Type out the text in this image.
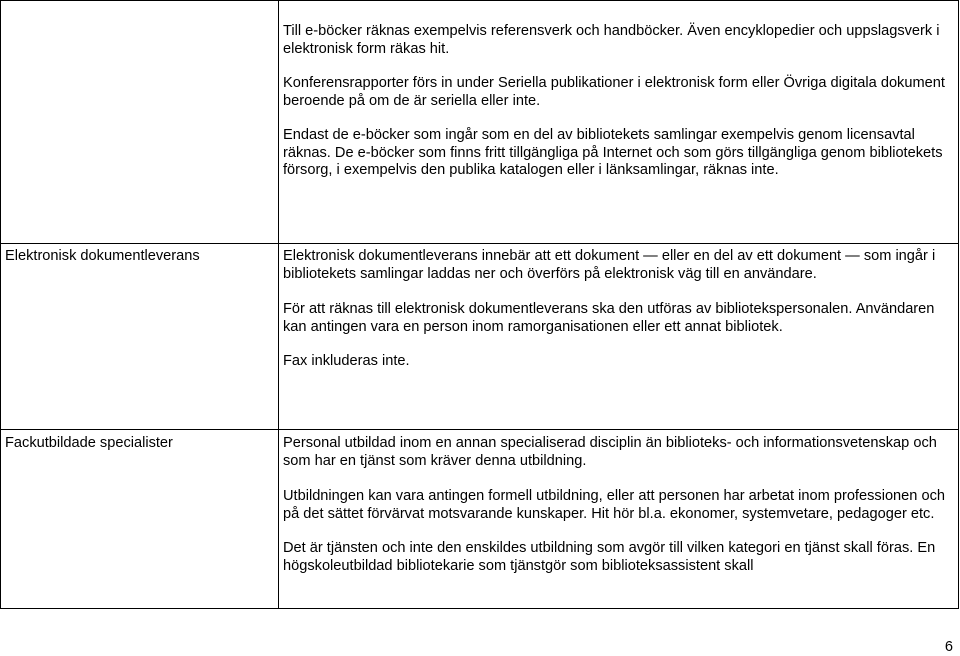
	Till e-böcker räknas exempelvis referensverk och handböcker. Även encyklopedier och uppslagsverk i elektronisk form räkas hit.

Konferensrapporter förs in under Seriella publikationer i elektronisk form eller Övriga digitala dokument beroende på om de är seriella eller inte.

Endast de e-böcker som ingår som en del av bibliotekets samlingar exempelvis genom licensavtal räknas. De e-böcker som finns fritt tillgängliga på Internet och som görs tillgängliga genom bibliotekets försorg, i exempelvis den publika katalogen eller i länksamlingar, räknas inte.

Elektronisk dokumentleverans	Elektronisk dokumentleverans innebär att ett dokument — eller en del av ett dokument — som ingår i bibliotekets samlingar laddas ner och överförs på elektronisk väg till en användare.

För att räknas till elektronisk dokumentleverans ska den utföras av bibliotekspersonalen. Användaren kan antingen vara en person inom ramorganisationen eller ett annat bibliotek.

Fax inkluderas inte.

Fackutbildade specialister	Personal utbildad inom en annan specialiserad disciplin än biblioteks- och informationsvetenskap och som har en tjänst som kräver denna utbildning.

Utbildningen kan vara antingen formell utbildning, eller att personen har arbetat inom professionen och på det sättet förvärvat motsvarande kunskaper. Hit hör bl.a. ekonomer, systemvetare, pedagoger etc.

Det är tjänsten och inte den enskildes utbildning som avgör till vilken kategori en tjänst skall föras. En högskoleutbildad bibliotekarie som tjänstgör som biblioteksassistent skall

6
